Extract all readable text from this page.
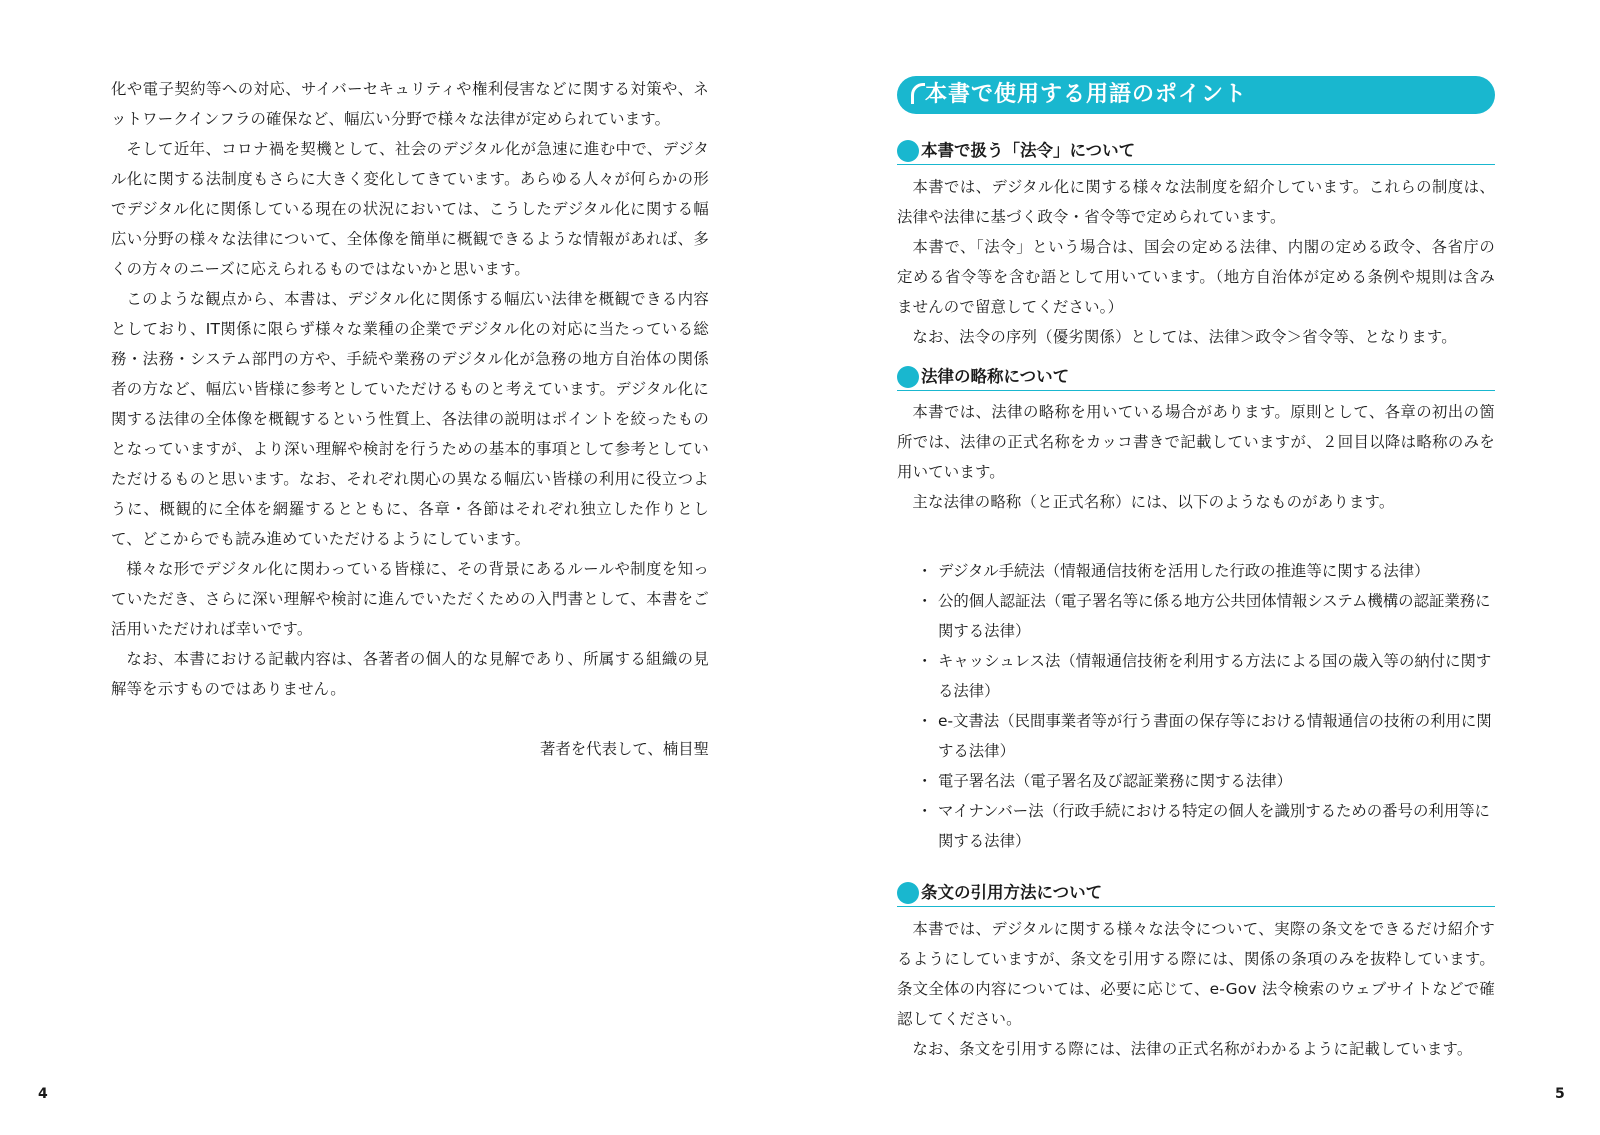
化や電子契約等への対応、サイバーセキュリティや権利侵害などに関する対策や、ネットワークインフラの確保など、幅広い分野で様々な法律が定められています。

そして近年、コロナ禍を契機として、社会のデジタル化が急速に進む中で、デジタル化に関する法制度もさらに大きく変化してきています。あらゆる人々が何らかの形でデジタル化に関係している現在の状況においては、こうしたデジタル化に関する幅広い分野の様々な法律について、全体像を簡単に概観できるような情報があれば、多くの方々のニーズに応えられるものではないかと思います。

このような観点から、本書は、デジタル化に関係する幅広い法律を概観できる内容としており、IT関係に限らず様々な業種の企業でデジタル化の対応に当たっている総務・法務・システム部門の方や、手続や業務のデジタル化が急務の地方自治体の関係者の方など、幅広い皆様に参考としていただけるものと考えています。デジタル化に関する法律の全体像を概観するという性質上、各法律の説明はポイントを絞ったものとなっていますが、より深い理解や検討を行うための基本的事項として参考としていただけるものと思います。なお、それぞれ関心の異なる幅広い皆様の利用に役立つように、概観的に全体を網羅するとともに、各章・各節はそれぞれ独立した作りとして、どこからでも読み進めていただけるようにしています。

様々な形でデジタル化に関わっている皆様に、その背景にあるルールや制度を知っていただき、さらに深い理解や検討に進んでいただくための入門書として、本書をご活用いただければ幸いです。

なお、本書における記載内容は、各著者の個人的な見解であり、所属する組織の見解等を示すものではありません。

著者を代表して、楠目聖
4
本書で使用する用語のポイント
本書で扱う「法令」について

本書では、デジタル化に関する様々な法制度を紹介しています。これらの制度は、法律や法律に基づく政令・省令等で定められています。

本書で、「法令」という場合は、国会の定める法律、内閣の定める政令、各省庁の定める省令等を含む語として用いています。（地方自治体が定める条例や規則は含みませんので留意してください。）

なお、法令の序列（優劣関係）としては、法律＞政令＞省令等、となります。

法律の略称について

本書では、法律の略称を用いている場合があります。原則として、各章の初出の箇所では、法律の正式名称をカッコ書きで記載していますが、２回目以降は略称のみを用いています。

主な法律の略称（と正式名称）には、以下のようなものがあります。

・ デジタル手続法（情報通信技術を活用した行政の推進等に関する法律）
・ 公的個人認証法（電子署名等に係る地方公共団体情報システム機構の認証業務に関する法律）
・ キャッシュレス法（情報通信技術を利用する方法による国の歳入等の納付に関する法律）
・ e-文書法（民間事業者等が行う書面の保存等における情報通信の技術の利用に関する法律）
・ 電子署名法（電子署名及び認証業務に関する法律）
・ マイナンバー法（行政手続における特定の個人を識別するための番号の利用等に関する法律）
条文の引用方法について

本書では、デジタルに関する様々な法令について、実際の条文をできるだけ紹介するようにしていますが、条文を引用する際には、関係の条項のみを抜粋しています。条文全体の内容については、必要に応じて、e-Gov 法令検索のウェブサイトなどで確認してください。

なお、条文を引用する際には、法律の正式名称がわかるように記載しています。

5
